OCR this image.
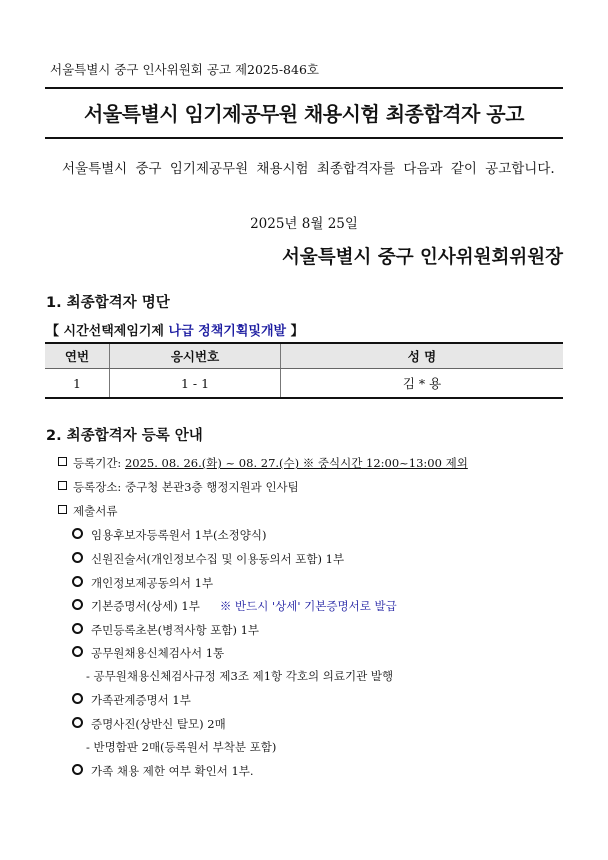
서울특별시 중구 인사위원회 공고 제2025-846호
서울특별시 임기제공무원 채용시험 최종합격자 공고
서울특별시 중구 임기제공무원 채용시험 최종합격자를 다음과 같이 공고합니다.
2025년 8월 25일
서울특별시 중구 인사위원회위원장
1. 최종합격자 명단
【 시간선택제임기제 나급 정책기획및개발 】
연번	응시번호	성 명
1	1 - 1	김 * 용
2. 최종합격자 등록 안내
등록기간: 2025. 08. 26.(화) ~ 08. 27.(수) ※ 중식시간 12:00~13:00 제외
등록장소: 중구청 본관3층 행정지원과 인사팀
제출서류
임용후보자등록원서 1부(소정양식)
신원진술서(개인정보수집 및 이용동의서 포함) 1부
개인정보제공동의서 1부
기본증명서(상세) 1부 ※ 반드시 '상세' 기본증명서로 발급
주민등록초본(병적사항 포함) 1부
공무원채용신체검사서 1통
- 공무원채용신체검사규정 제3조 제1항 각호의 의료기관 발행
가족관계증명서 1부
증명사진(상반신 탈모) 2매
- 반명함판 2매(등록원서 부착분 포함)
가족 채용 제한 여부 확인서 1부.
